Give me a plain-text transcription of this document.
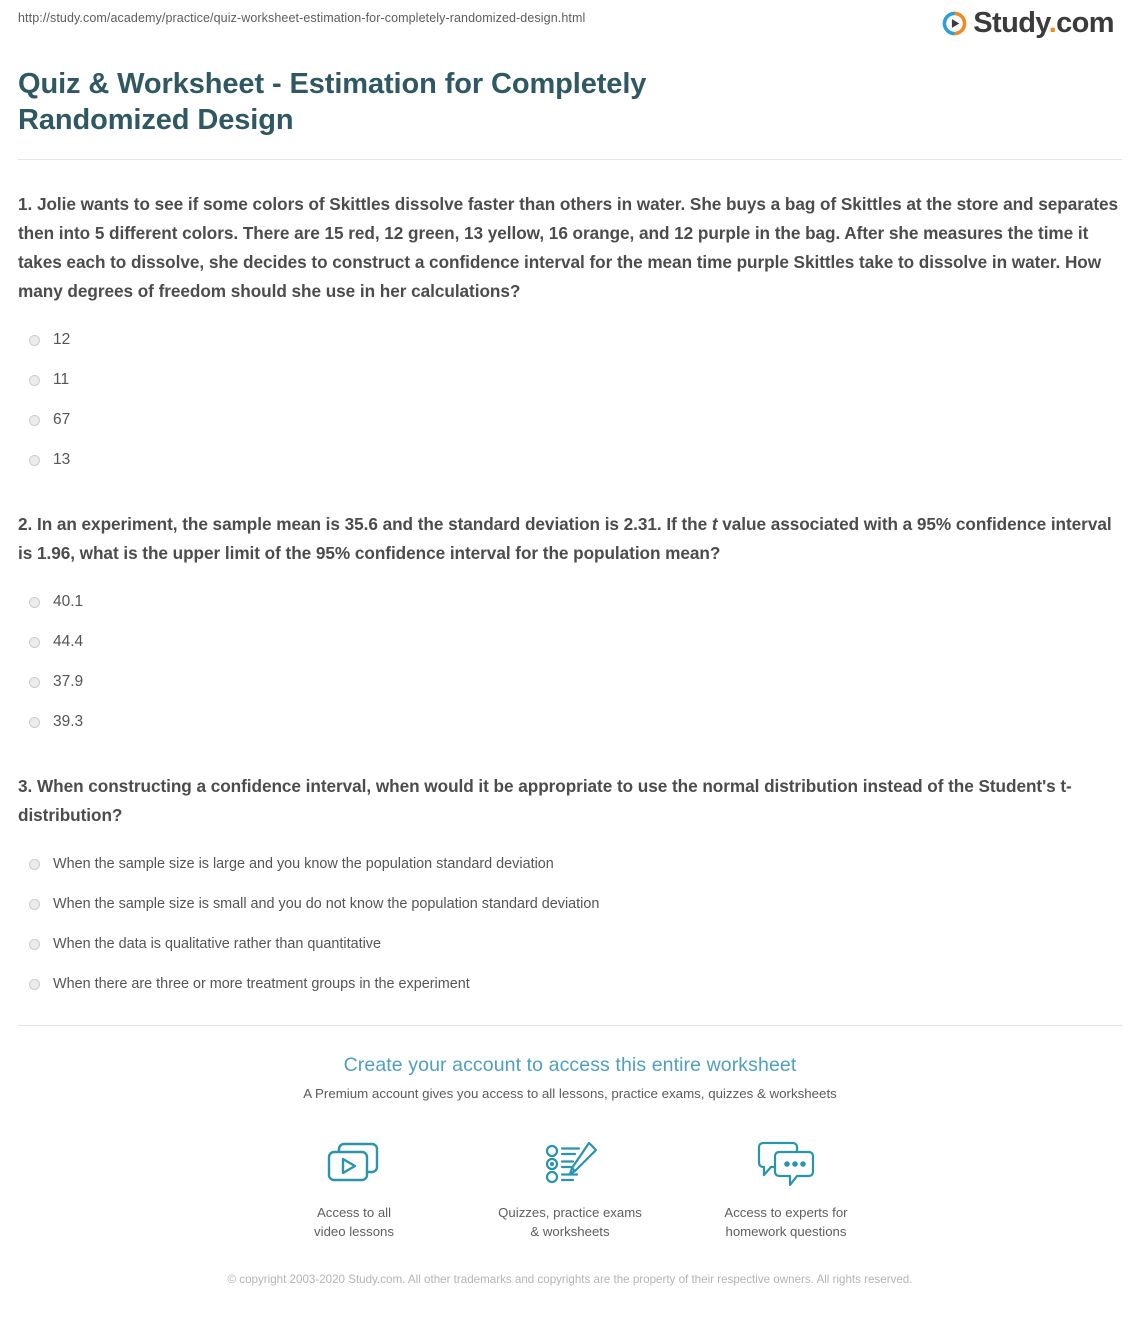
http://study.com/academy/practice/quiz-worksheet-estimation-for-completely-randomized-design.html	Study.com
Quiz & Worksheet - Estimation for Completely Randomized Design
1. Jolie wants to see if some colors of Skittles dissolve faster than others in water. She buys a bag of Skittles at the store and separates then into 5 different colors. There are 15 red, 12 green, 13 yellow, 16 orange, and 12 purple in the bag. After she measures the time it takes each to dissolve, she decides to construct a confidence interval for the mean time purple Skittles take to dissolve in water. How many degrees of freedom should she use in her calculations?
12
11
67
13
2. In an experiment, the sample mean is 35.6 and the standard deviation is 2.31. If the t value associated with a 95% confidence interval is 1.96, what is the upper limit of the 95% confidence interval for the population mean?
40.1
44.4
37.9
39.3
3. When constructing a confidence interval, when would it be appropriate to use the normal distribution instead of the Student's t-distribution?
When the sample size is large and you know the population standard deviation
When the sample size is small and you do not know the population standard deviation
When the data is qualitative rather than quantitative
When there are three or more treatment groups in the experiment
Create your account to access this entire worksheet
A Premium account gives you access to all lessons, practice exams, quizzes & worksheets
Access to all
video lessons
Quizzes, practice exams
& worksheets
Access to experts for
homework questions
© copyright 2003-2020 Study.com. All other trademarks and copyrights are the property of their respective owners. All rights reserved.
